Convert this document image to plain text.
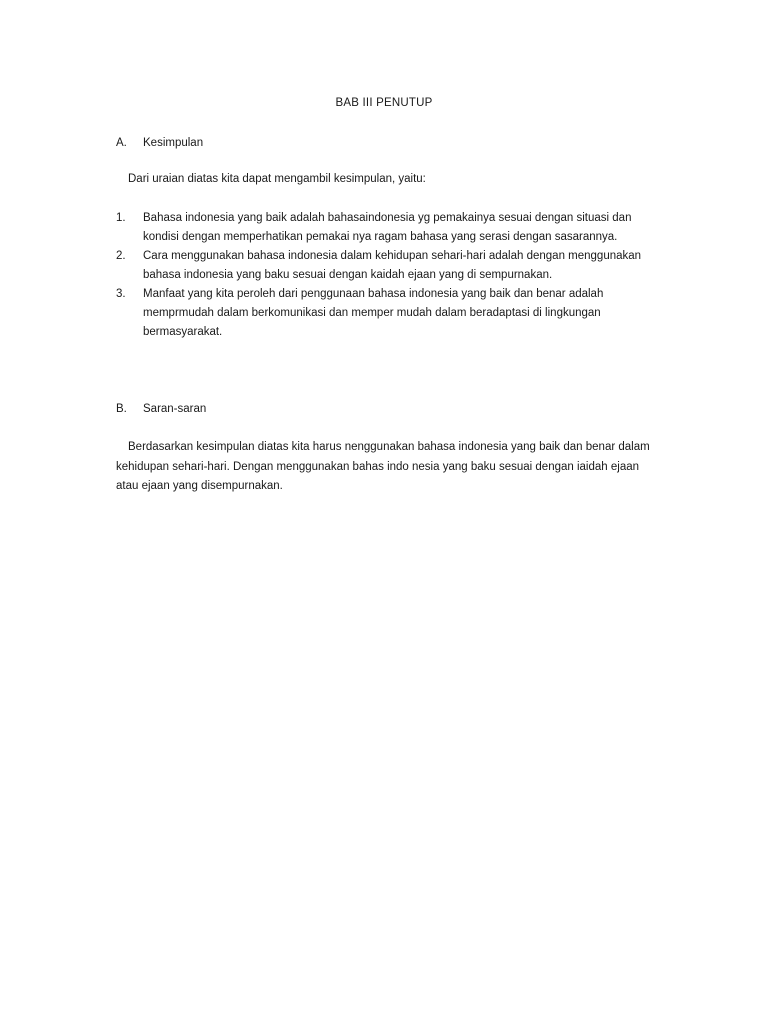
BAB III PENUTUP
A. Kesimpulan
Dari uraian diatas kita dapat mengambil kesimpulan, yaitu:
1. Bahasa indonesia yang baik adalah bahasaindonesia yg pemakainya sesuai dengan situasi dan kondisi dengan memperhatikan pemakai nya ragam bahasa yang serasi dengan sasarannya.
2. Cara menggunakan bahasa indonesia dalam kehidupan sehari-hari adalah dengan menggunakan bahasa indonesia yang baku sesuai dengan kaidah ejaan yang di sempurnakan.
3. Manfaat yang kita peroleh dari penggunaan bahasa indonesia yang baik dan benar adalah memprmudah dalam berkomunikasi dan memper mudah dalam beradaptasi di lingkungan bermasyarakat.
B. Saran-saran
Berdasarkan kesimpulan diatas kita harus nenggunakan bahasa indonesia yang baik dan benar dalam kehidupan sehari-hari. Dengan menggunakan bahas indo nesia yang baku sesuai dengan iaidah ejaan atau ejaan yang disempurnakan.
